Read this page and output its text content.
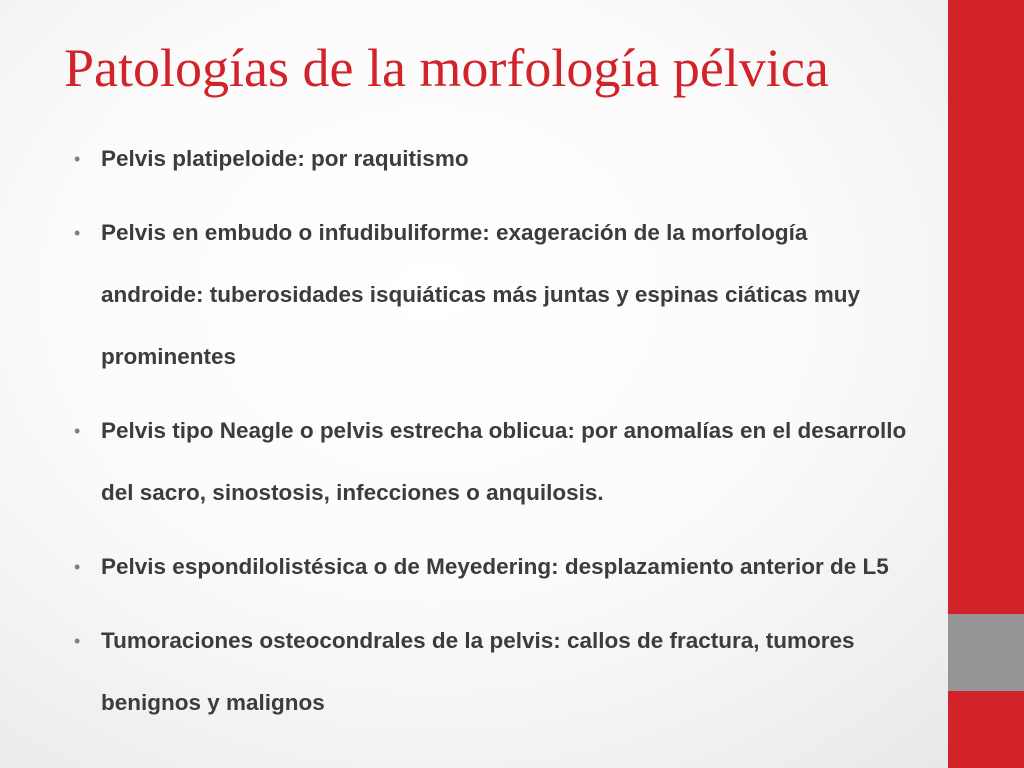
Patologías de la morfología pélvica
• Pelvis platipeloide: por raquitismo
• Pelvis en embudo o infudibuliforme: exageración de la morfología androide: tuberosidades isquiáticas más juntas y espinas ciáticas muy prominentes
• Pelvis tipo Neagle o pelvis estrecha oblicua: por anomalías en el desarrollo del sacro, sinostosis, infecciones o anquilosis.
• Pelvis espondilolistésica o de Meyedering: desplazamiento anterior de L5
• Tumoraciones osteocondrales de la pelvis: callos de fractura, tumores benignos y malignos
